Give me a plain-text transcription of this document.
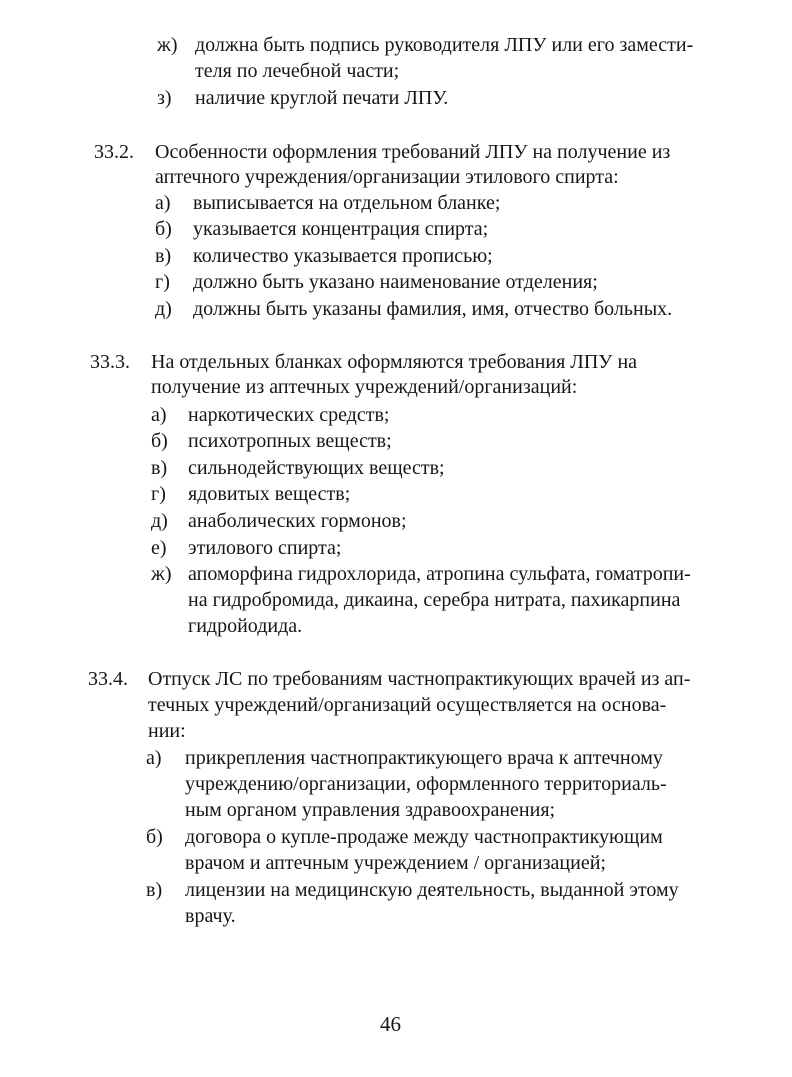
ж) должна быть подпись руководителя ЛПУ или его замести-
теля по лечебной части;
з) наличие круглой печати ЛПУ.
33.2. Особенности оформления требований ЛПУ на получение из
аптечного учреждения/организации этилового спирта:
а) выписывается на отдельном бланке;
б) указывается концентрация спирта;
в) количество указывается прописью;
г) должно быть указано наименование отделения;
д) должны быть указаны фамилия, имя, отчество больных.
33.3. На отдельных бланках оформляются требования ЛПУ на
получение из аптечных учреждений/организаций:
а) наркотических средств;
б) психотропных веществ;
в) сильнодействующих веществ;
г) ядовитых веществ;
д) анаболических гормонов;
е) этилового спирта;
ж) апоморфина гидрохлорида, атропина сульфата, гоматропи-
на гидробромида, дикаина, серебра нитрата, пахикарпина
гидройодида.
33.4. Отпуск ЛС по требованиям частнопрактикующих врачей из ап-
течных учреждений/организаций осуществляется на основа-
нии:
а) прикрепления частнопрактикующего врача к аптечному
учреждению/организации, оформленного территориаль-
ным органом управления здравоохранения;
б) договора о купле-продаже между частнопрактикующим
врачом и аптечным учреждением / организацией;
в) лицензии на медицинскую деятельность, выданной этому
врачу.
46
